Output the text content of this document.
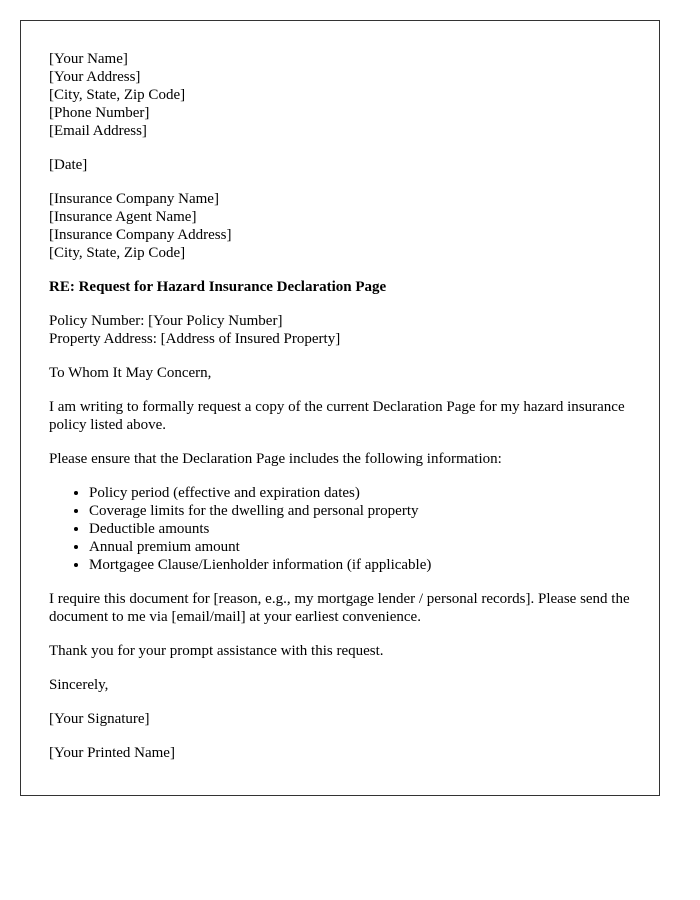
[Your Name]
[Your Address]
[City, State, Zip Code]
[Phone Number]
[Email Address]

[Date]

[Insurance Company Name]
[Insurance Agent Name]
[Insurance Company Address]
[City, State, Zip Code]
RE: Request for Hazard Insurance Declaration Page
Policy Number: [Your Policy Number]
Property Address: [Address of Insured Property]

To Whom It May Concern,

I am writing to formally request a copy of the current Declaration Page for my hazard insurance policy listed above.

Please ensure that the Declaration Page includes the following information:

• Policy period (effective and expiration dates)
• Coverage limits for the dwelling and personal property
• Deductible amounts
• Annual premium amount
• Mortgagee Clause/Lienholder information (if applicable)

I require this document for [reason, e.g., my mortgage lender / personal records]. Please send the document to me via [email/mail] at your earliest convenience.

Thank you for your prompt assistance with this request.

Sincerely,

[Your Signature]

[Your Printed Name]
